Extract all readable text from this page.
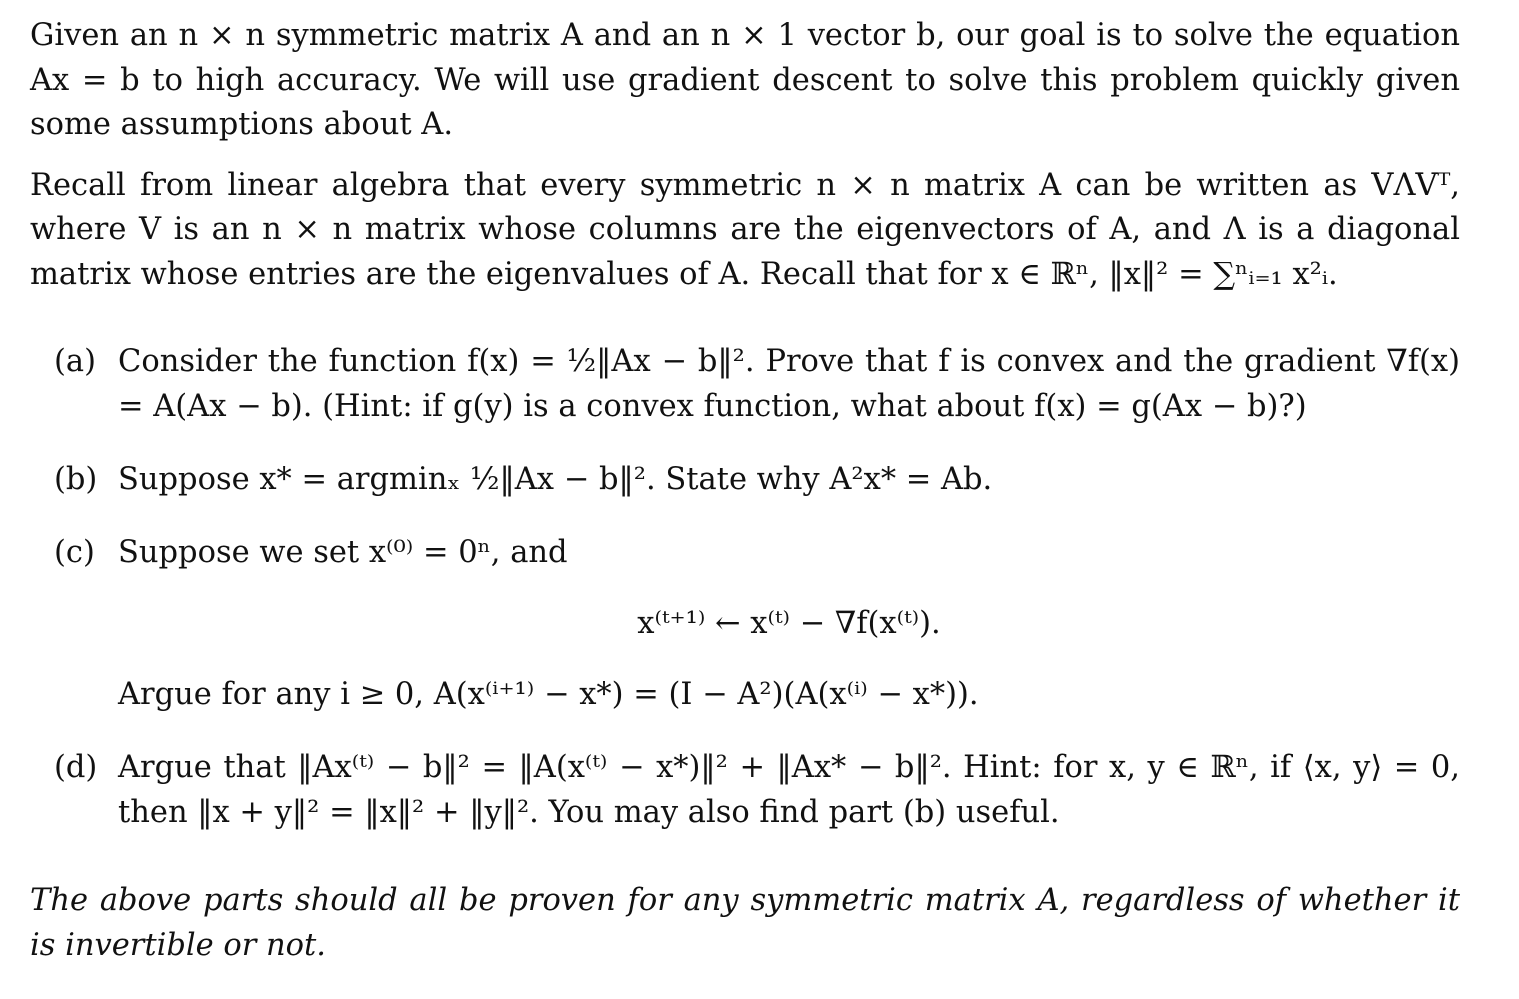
Given an n × n symmetric matrix A and an n × 1 vector b, our goal is to solve the equation Ax = b to high accuracy. We will use gradient descent to solve this problem quickly given some assumptions about A.

Recall from linear algebra that every symmetric n × n matrix A can be written as VΛVᵀ, where V is an n × n matrix whose columns are the eigenvectors of A, and Λ is a diagonal matrix whose entries are the eigenvalues of A. Recall that for x ∈ ℝⁿ, ‖x‖² = ∑ⁿᵢ₌₁ x²ᵢ.

(a) Consider the function f(x) = ½‖Ax − b‖². Prove that f is convex and the gradient ∇f(x) = A(Ax − b). (Hint: if g(y) is a convex function, what about f(x) = g(Ax − b)?)
(b) Suppose x* = argminₓ ½‖Ax − b‖². State why A²x* = Ab.
(c) Suppose we set x⁽⁰⁾ = 0ⁿ, and
x⁽ᵗ⁺¹⁾ ← x⁽ᵗ⁾ − ∇f(x⁽ᵗ⁾).
Argue for any i ≥ 0, A(x⁽ⁱ⁺¹⁾ − x*) = (I − A²)(A(x⁽ⁱ⁾ − x*)).
(d) Argue that ‖Ax⁽ᵗ⁾ − b‖² = ‖A(x⁽ᵗ⁾ − x*)‖² + ‖Ax* − b‖². Hint: for x, y ∈ ℝⁿ, if ⟨x, y⟩ = 0, then ‖x + y‖² = ‖x‖² + ‖y‖². You may also find part (b) useful.

The above parts should all be proven for any symmetric matrix A, regardless of whether it is invertible or not.
